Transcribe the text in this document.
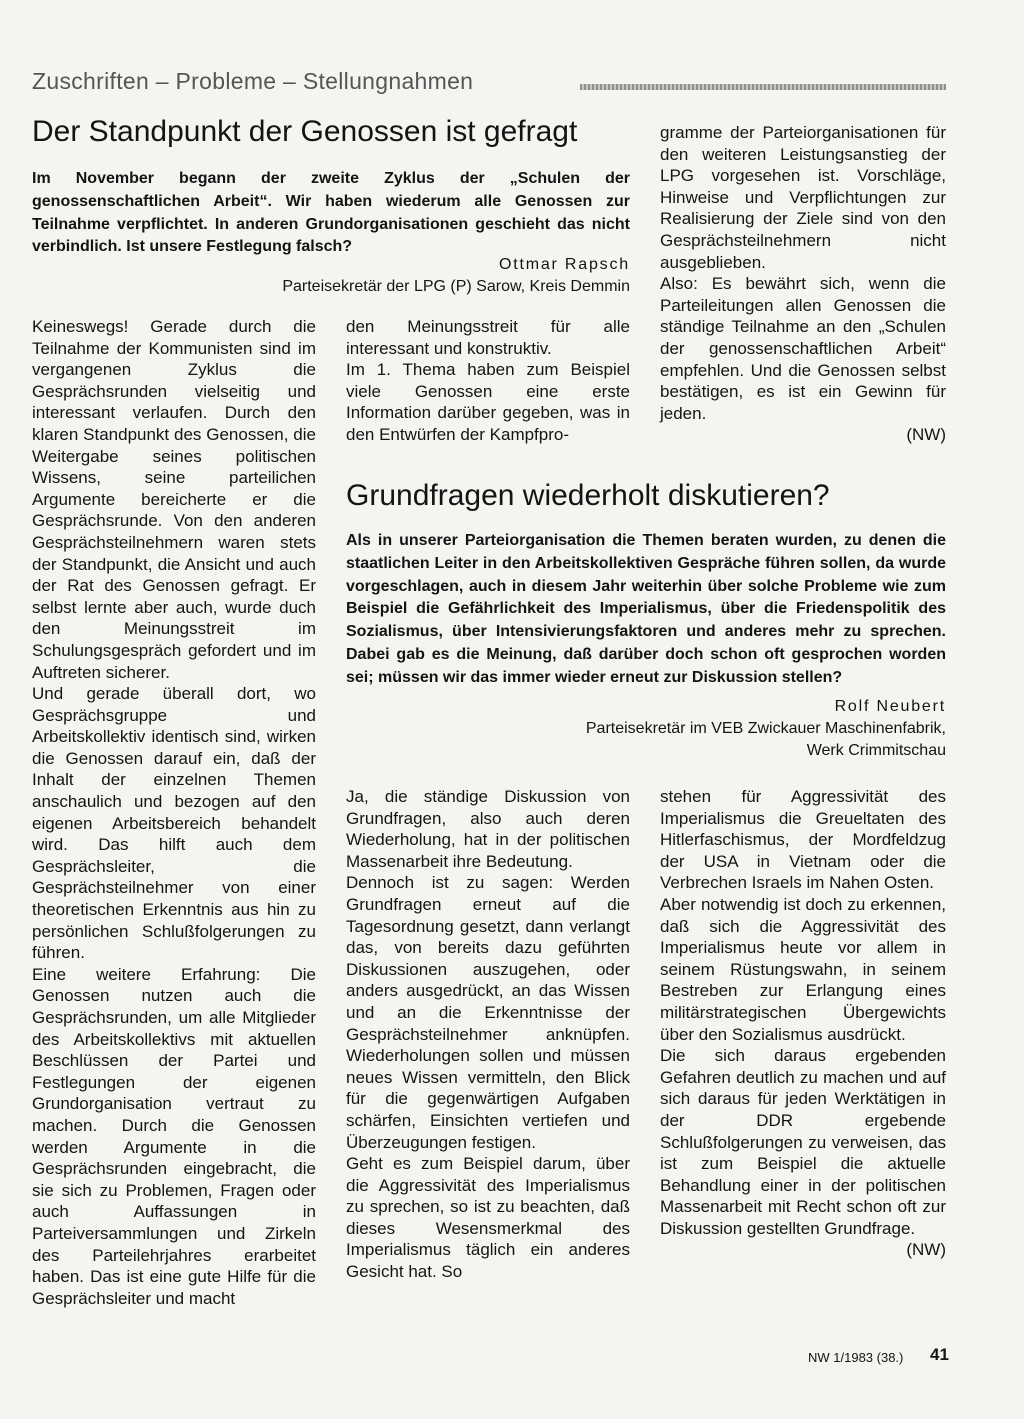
Zuschriften – Probleme – Stellungnahmen
Der Standpunkt der Genossen ist gefragt

Im November begann der zweite Zyklus der „Schulen der genossenschaftlichen Arbeit“. Wir haben wiederum alle Genossen zur Teilnahme verpflichtet. In anderen Grundorganisationen geschieht das nicht verbindlich. Ist unsere Festlegung falsch?

Ottmar Rapsch
Parteisekretär der LPG (P) Sarow, Kreis Demmin

Keineswegs! Gerade durch die Teilnahme der Kommunisten sind im vergangenen Zyklus die Gesprächsrunden vielseitig und interessant verlaufen. Durch den klaren Standpunkt des Genossen, die Weitergabe seines politischen Wissens, seine parteilichen Argumente bereicherte er die Gesprächsrunde. Von den anderen Gesprächsteilnehmern waren stets der Standpunkt, die Ansicht und auch der Rat des Genossen gefragt. Er selbst lernte aber auch, wurde duch den Meinungsstreit im Schulungsgespräch gefordert und im Auftreten sicherer.

Und gerade überall dort, wo Gesprächsgruppe und Arbeitskollektiv identisch sind, wirken die Genossen darauf ein, daß der Inhalt der einzelnen Themen anschaulich und bezogen auf den eigenen Arbeitsbereich behandelt wird. Das hilft auch dem Gesprächsleiter, die Gesprächsteilnehmer von einer theoretischen Erkenntnis aus hin zu persönlichen Schlußfolgerungen zu führen.

Eine weitere Erfahrung: Die Genossen nutzen auch die Gesprächsrunden, um alle Mitglieder des Arbeitskollektivs mit aktuellen Beschlüssen der Partei und Festlegungen der eigenen Grundorganisation vertraut zu machen. Durch die Genossen werden Argumente in die Gesprächsrunden eingebracht, die sie sich zu Problemen, Fragen oder auch Auffassungen in Parteiversammlungen und Zirkeln des Parteilehrjahres erarbeitet haben. Das ist eine gute Hilfe für die Gesprächsleiter und macht

den Meinungsstreit für alle interessant und konstruktiv.

Im 1. Thema haben zum Beispiel viele Genossen eine erste Information darüber gegeben, was in den Entwürfen der Kampfpro-

gramme der Parteiorganisationen für den weiteren Leistungsanstieg der LPG vorgesehen ist. Vorschläge, Hinweise und Verpflichtungen zur Realisierung der Ziele sind von den Gesprächsteilnehmern nicht ausgeblieben.

Also: Es bewährt sich, wenn die Parteileitungen allen Genossen die ständige Teilnahme an den „Schulen der genossenschaftlichen Arbeit“ empfehlen. Und die Genossen selbst bestätigen, es ist ein Gewinn für jeden.

(NW)
Grundfragen wiederholt diskutieren?

Als in unserer Parteiorganisation die Themen beraten wurden, zu denen die staatlichen Leiter in den Arbeitskollektiven Gespräche führen sollen, da wurde vorgeschlagen, auch in diesem Jahr weiterhin über solche Probleme wie zum Beispiel die Gefährlichkeit des Imperialismus, über die Friedenspolitik des Sozialismus, über Intensivierungsfaktoren und anderes mehr zu sprechen. Dabei gab es die Meinung, daß darüber doch schon oft gesprochen worden sei; müssen wir das immer wieder erneut zur Diskussion stellen?

Rolf Neubert
Parteisekretär im VEB Zwickauer Maschinenfabrik,
Werk Crimmitschau

Ja, die ständige Diskussion von Grundfragen, also auch deren Wiederholung, hat in der politischen Massenarbeit ihre Bedeutung.

Dennoch ist zu sagen: Werden Grundfragen erneut auf die Tagesordnung gesetzt, dann verlangt das, von bereits dazu geführten Diskussionen auszugehen, oder anders ausgedrückt, an das Wissen und an die Erkenntnisse der Gesprächsteilnehmer anknüpfen. Wiederholungen sollen und müssen neues Wissen vermitteln, den Blick für die gegenwärtigen Aufgaben schärfen, Einsichten vertiefen und Überzeugungen festigen.

Geht es zum Beispiel darum, über die Aggressivität des Imperialismus zu sprechen, so ist zu beachten, daß dieses Wesensmerkmal des Imperialismus täglich ein anderes Gesicht hat. So

stehen für Aggressivität des Imperialismus die Greueltaten des Hitlerfaschismus, der Mordfeldzug der USA in Vietnam oder die Verbrechen Israels im Nahen Osten.

Aber notwendig ist doch zu erkennen, daß sich die Aggressivität des Imperialismus heute vor allem in seinem Rüstungswahn, in seinem Bestreben zur Erlangung eines militärstrategischen Übergewichts über den Sozialismus ausdrückt.

Die sich daraus ergebenden Gefahren deutlich zu machen und auf sich daraus für jeden Werktätigen in der DDR ergebende Schlußfolgerungen zu verweisen, das ist zum Beispiel die aktuelle Behandlung einer in der politischen Massenarbeit mit Recht schon oft zur Diskussion gestellten Grundfrage.

(NW)
NW 1/1983 (38.) 41
